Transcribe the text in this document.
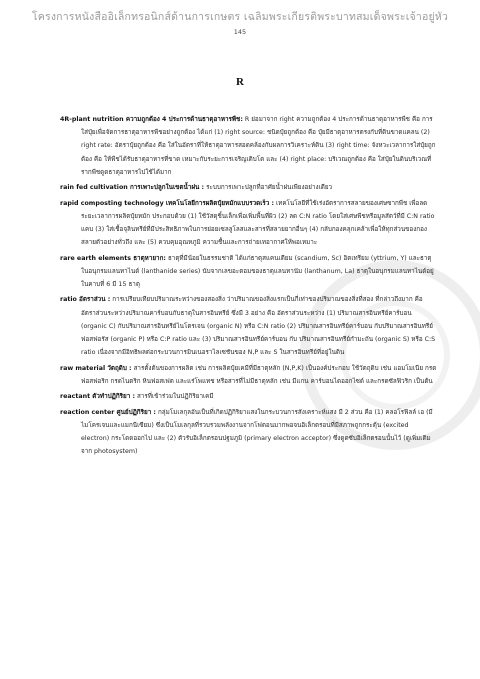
โครงการหนังสืออิเล็กทรอนิกส์ด้านการเกษตร เฉลิมพระเกียรติพระบาทสมเด็จพระเจ้าอยู่หัว
145
R

4R-plant nutrition ความถูกต้อง 4 ประการด้านธาตุอาหารพืช: R ย่อมาจาก right ความถูกต้อง 4 ประการด้านธาตุอาหารพืช คือ การใส่ปุ๋ยเพื่อจัดการธาตุอาหารพืชอย่างถูกต้อง ได้แก่ (1) right source: ชนิดปุ๋ยถูกต้อง คือ ปุ๋ยมีธาตุอาหารตรงกับที่ดินขาดแคลน (2) right rate: อัตราปุ๋ยถูกต้อง คือ ใส่ในอัตราที่ให้ธาตุอาหารสอดคล้องกับผลการวิเคราะห์ดิน (3) right time: จังหวะเวลาการใส่ปุ๋ยถูกต้อง คือ ให้พืชได้รับธาตุอาหารที่ขาด เหมาะกับระยะการเจริญเติบโต และ (4) right place: บริเวณถูกต้อง คือ ใส่ปุ๋ยในดินบริเวณที่รากพืชดูดธาตุอาหารไปใช้ได้มาก

rain fed cultivation การเพาะปลูกในเขตน้ำฝน : ระบบการเพาะปลูกที่อาศัยน้ำฝนเพียงอย่างเดียว

rapid composting technology เทคโนโลยีการผลิตปุ๋ยหมักแบบรวดเร็ว : เทคโนโลยีที่ใช้เร่งอัตราการสลายของเศษซากพืช เพื่อลดระยะเวลาการผลิตปุ๋ยหมัก ประกอบด้วย (1) ใช้วัสดุชิ้นเล็กเพื่อเพิ่มพื้นที่ผิว (2) ลด C:N ratio โดยใส่เศษพืชหรือมูลสัตว์ที่มี C:N ratio แคบ (3) ใส่เชื้อจุลินทรีย์ที่มีประสิทธิภาพในการย่อยเซลลูโลสและสารที่สลายยากอื่นๆ (4) กลับกองคลุกเคล้าเพื่อให้ทุกส่วนของกองสลายตัวอย่างทั่วถึง และ (5) ควบคุมอุณหภูมิ ความชื้นและการถ่ายเทอากาศให้พอเหมาะ

rare earth elements ธาตุหายาก: ธาตุที่มีน้อยในธรรมชาติ ได้แก่ธาตุสแคนเดียม (scandium, Sc) อิตเทรียม (yttrium, Y) และธาตุในอนุกรมแลนทาไนด์ (lanthanide series) นับจากเลขอะตอมของธาตุแลนทานัม (lanthanum, La) ธาตุในอนุกรมแลนทาไนด์อยู่ในคาบที่ 6 มี 15 ธาตุ

ratio อัตราส่วน : การเปรียบเทียบปริมาณระหว่างของสองสิ่ง ว่าปริมาณของสิ่งแรกเป็นกี่เท่าของปริมาณของสิ่งที่สอง ที่กล่าวถึงมาก คือ อัตราส่วนระหว่างปริมาณคาร์บอนกับธาตุในสารอินทรีย์ ซึ่งมี 3 อย่าง คือ อัตราส่วนระหว่าง (1) ปริมาณสารอินทรีย์คาร์บอน (organic C) กับปริมาณสารอินทรีย์ไนโตรเจน (organic N) หรือ C:N ratio (2) ปริมาณสารอินทรีย์คาร์บอน กับปริมาณสารอินทรีย์ฟอสฟอรัส (organic P) หรือ C:P ratio และ (3) ปริมาณสารอินทรีย์คาร์บอน กับ ปริมาณสารอินทรีย์กำมะถัน (organic S) หรือ C:S ratio เนื่องจากมีอิทธิพลต่อกระบวนการมินเนอราไลเซชันของ N,P และ S ในสารอินทรีย์ที่อยู่ในดิน

raw material วัตถุดิบ : สารตั้งต้นของการผลิต เช่น การผลิตปุ๋ยเคมีที่มีธาตุหลัก (N,P,K) เป็นองค์ประกอบ ใช้วัตถุดิบ เช่น แอมโมเนีย กรดฟอสฟอริก กรดไนตริก หินฟอสเฟต และแร่โพแทช หรือสารที่ไม่มีธาตุหลัก เช่น มีแกน คาร์บอนไดออกไซด์ และกรดซัลฟิวริก เป็นต้น

reactant ตัวทำปฏิกิริยา : สารที่เข้าร่วมในปฏิกิริยาเคมี

reaction center ศูนย์ปฏิกิริยา : กลุ่มโมเลกุลอันเป็นที่เกิดปฏิกิริยาแสงในกระบวนการสังเคราะห์แสง มี 2 ส่วน คือ (1) คลอโรฟิลล์ เอ (มีไมโครเจนและแมกนีเซียม) ซึ่งเป็นโมเลกุลที่รวบรวมพลังงานจากโฟตอนมากพอจนอิเล็กตรอนที่มีสภาพถูกกระตุ้น (excited electron) กระโดดออกไป และ (2) ตัวรับอิเล็กตรอนปฐมภูมิ (primary electron acceptor) ซึ่งดูดซับอิเล็กตรอนนั้นไว้ (ดูเพิ่มเติมจาก photosystem)
